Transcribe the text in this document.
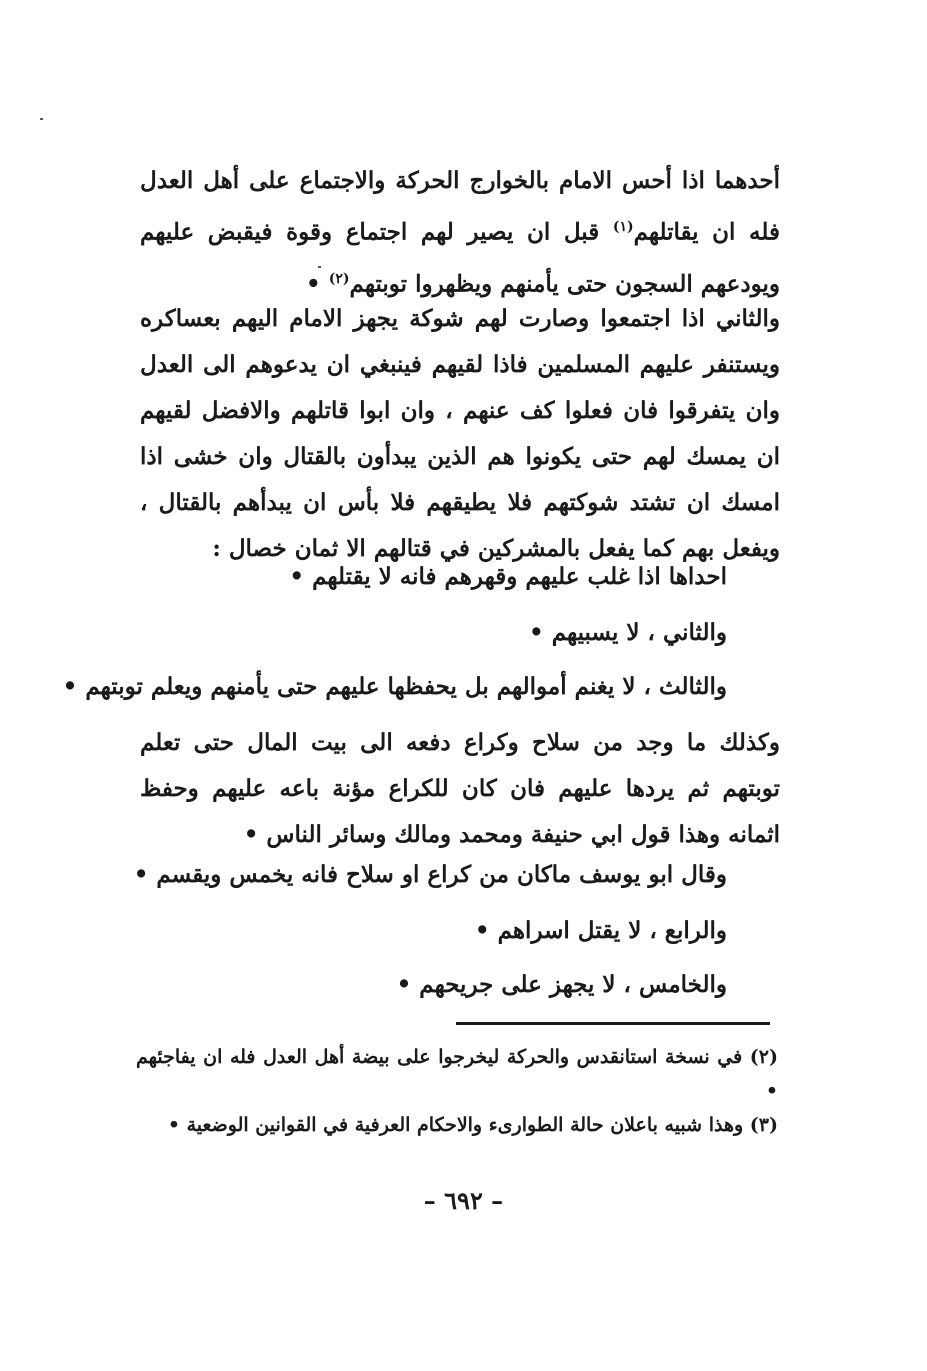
أحدهما اذا أحس الامام بالخوارج الحركة والاجتماع على أهل العدل فله ان يقاتلهم$^{(١)}$ قبل ان يصير لهم اجتماع وقوة فيقبض عليهم ويودعهم السجون حتى يأمنهم ويظهروا توبتهم$^{(٢)}$ •

والثاني اذا اجتمعوا وصارت لهم شوكة يجهز الامام اليهم بعساكره ويستنفر عليهم المسلمين فاذا لقيهم فينبغي ان يدعوهم الى العدل وان يتفرقوا فان فعلوا كف عنهم ، وان ابوا قاتلهم والافضل لقيهم ان يمسك لهم حتى يكونوا هم الذين يبدأون بالقتال وان خشى اذا امسك ان تشتد شوكتهم فلا يطيقهم فلا بأس ان يبدأهم بالقتال ، ويفعل بهم كما يفعل بالمشركين في قتالهم الا ثمان خصال :

احداها اذا غلب عليهم وقهرهم فانه لا يقتلهم •
والثاني ، لا يسبيهم •
والثالث ، لا يغنم أموالهم بل يحفظها عليهم حتى يأمنهم ويعلم توبتهم •

وكذلك ما وجد من سلاح وكراع دفعه الى بيت المال حتى تعلم توبتهم ثم يردها عليهم فان كان للكراع مؤنة باعه عليهم وحفظ اثمانه وهذا قول ابي حنيفة ومحمد ومالك وسائر الناس •

وقال ابو يوسف ماكان من كراع او سلاح فانه يخمس ويقسم •
والرابع ، لا يقتل اسراهم •
والخامس ، لا يجهز على جريحهم •

(٢) في نسخة استانقدس والحركة ليخرجوا على بيضة أهل العدل فله ان يفاجئهم •

(٣) وهذا شبيه باعلان حالة الطوارىء والاحكام العرفية في القوانين الوضعية •

– ٦٩٢ –
